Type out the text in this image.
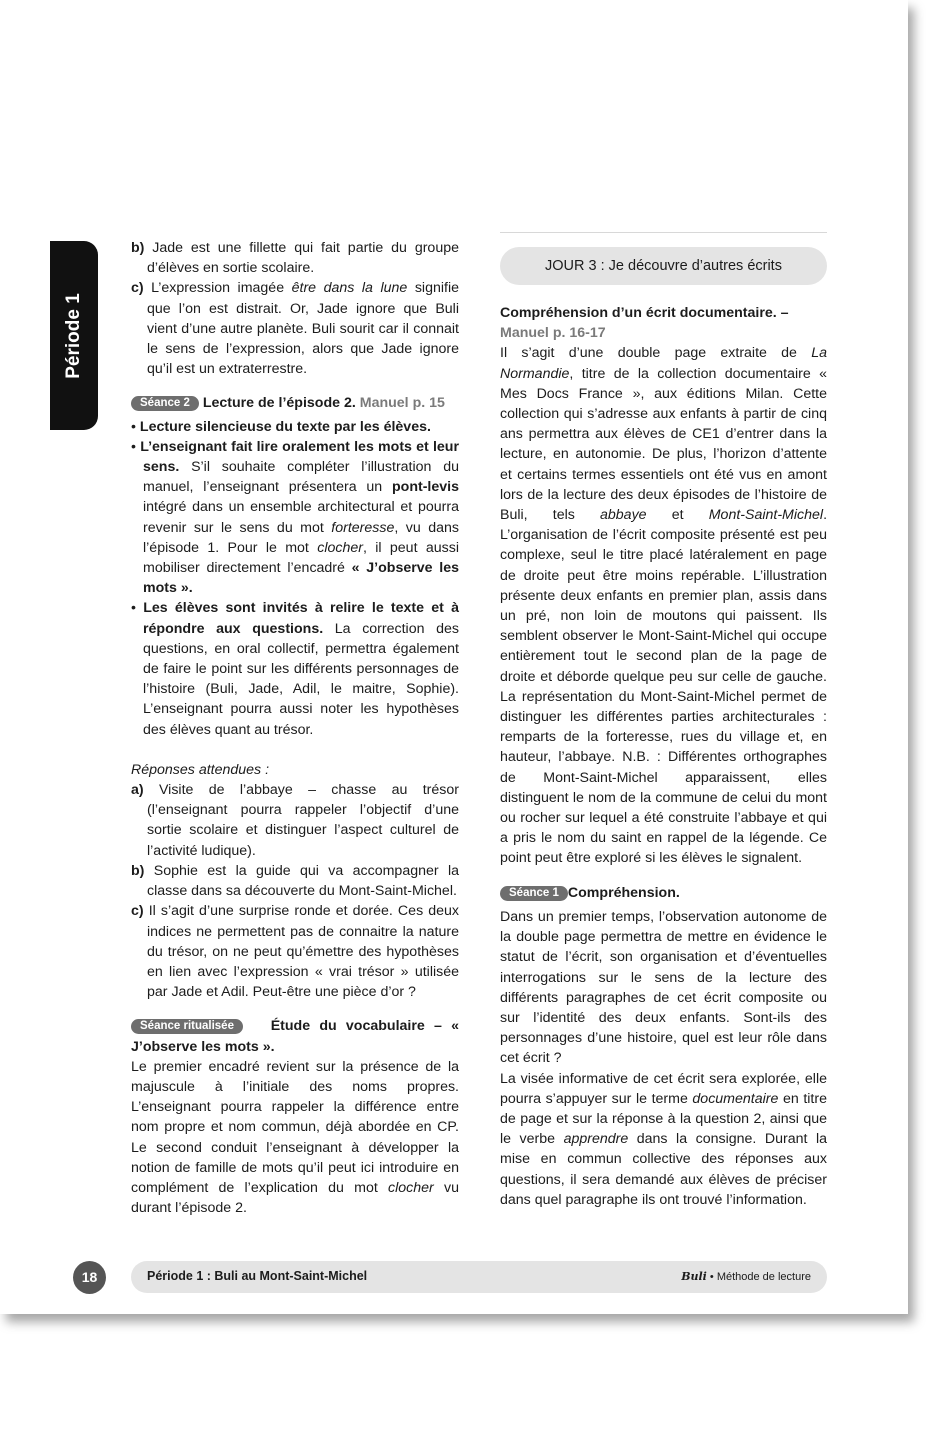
Période 1

b) Jade est une fillette qui fait partie du groupe d’élèves en sortie scolaire.

c) L’expression imagée être dans la lune signifie que l’on est distrait. Or, Jade ignore que Buli vient d’une autre planète. Buli sourit car il connait le sens de l’expression, alors que Jade ignore qu’il est un extraterrestre.

Séance 2 Lecture de l’épisode 2. Manuel p. 15

• Lecture silencieuse du texte par les élèves.

• L’enseignant fait lire oralement les mots et leur sens. S’il souhaite compléter l’illustration du manuel, l’enseignant présentera un pont-levis intégré dans un ensemble architectural et pourra revenir sur le sens du mot forteresse, vu dans l’épisode 1. Pour le mot clocher, il peut aussi mobiliser directement l’encadré « J’observe les mots ».

• Les élèves sont invités à relire le texte et à répondre aux questions. La correction des questions, en oral collectif, permettra également de faire le point sur les différents personnages de l’histoire (Buli, Jade, Adil, le maitre, Sophie). L’enseignant pourra aussi noter les hypothèses des élèves quant au trésor.

Réponses attendues :

a) Visite de l’abbaye – chasse au trésor (l’enseignant pourra rappeler l’objectif d’une sortie scolaire et distinguer l’aspect culturel de l’activité ludique).

b) Sophie est la guide qui va accompagner la classe dans sa découverte du Mont-Saint-Michel.

c) Il s’agit d’une surprise ronde et dorée. Ces deux indices ne permettent pas de connaitre la nature du trésor, on ne peut qu’émettre des hypothèses en lien avec l’expression « vrai trésor » utilisée par Jade et Adil. Peut-être une pièce d’or ?

Séance ritualisée	Étude du vocabulaire – « J’observe les mots ».

Le premier encadré revient sur la présence de la majuscule à l’initiale des noms propres. L’enseignant pourra rappeler la différence entre nom propre et nom commun, déjà abordée en CP. Le second conduit l’enseignant à développer la notion de famille de mots qu’il peut ici introduire en complément de l’explication du mot clocher vu durant l’épisode 2.

JOUR 3 : Je découvre d’autres écrits

Compréhension d’un écrit documentaire. –
Manuel p. 16-17

Il s’agit d’une double page extraite de La Normandie, titre de la collection documentaire « Mes Docs France », aux éditions Milan. Cette collection qui s’adresse aux enfants à partir de cinq ans permettra aux élèves de CE1 d’entrer dans la lecture, en autonomie. De plus, l’horizon d’attente et certains termes essentiels ont été vus en amont lors de la lecture des deux épisodes de l’histoire de Buli, tels abbaye et Mont-Saint-Michel. L’organisation de l’écrit composite présenté est peu complexe, seul le titre placé latéralement en page de droite peut être moins repérable. L’illustration présente deux enfants en premier plan, assis dans un pré, non loin de moutons qui paissent. Ils semblent observer le Mont-Saint-Michel qui occupe entièrement tout le second plan de la page de droite et déborde quelque peu sur celle de gauche. La représentation du Mont-Saint-Michel permet de distinguer les différentes parties architecturales : remparts de la forteresse, rues du village et, en hauteur, l’abbaye. N.B. : Différentes orthographes de Mont-Saint-Michel apparaissent, elles distinguent le nom de la commune de celui du mont ou rocher sur lequel a été construite l’abbaye et qui a pris le nom du saint en rappel de la légende. Ce point peut être exploré si les élèves le signalent.

Séance 1 Compréhension.

Dans un premier temps, l’observation autonome de la double page permettra de mettre en évidence le statut de l’écrit, son organisation et d’éventuelles interrogations sur le sens de la lecture des différents paragraphes de cet écrit composite ou sur l’identité des deux enfants. Sont-ils des personnages d’une histoire, quel est leur rôle dans cet écrit ?

La visée informative de cet écrit sera explorée, elle pourra s’appuyer sur le terme documentaire en titre de page et sur la réponse à la question 2, ainsi que le verbe apprendre dans la consigne. Durant la mise en commun collective des réponses aux questions, il sera demandé aux élèves de préciser dans quel paragraphe ils ont trouvé l’information.

18	Période 1 : Buli au Mont-Saint-Michel	Buli • Méthode de lecture
